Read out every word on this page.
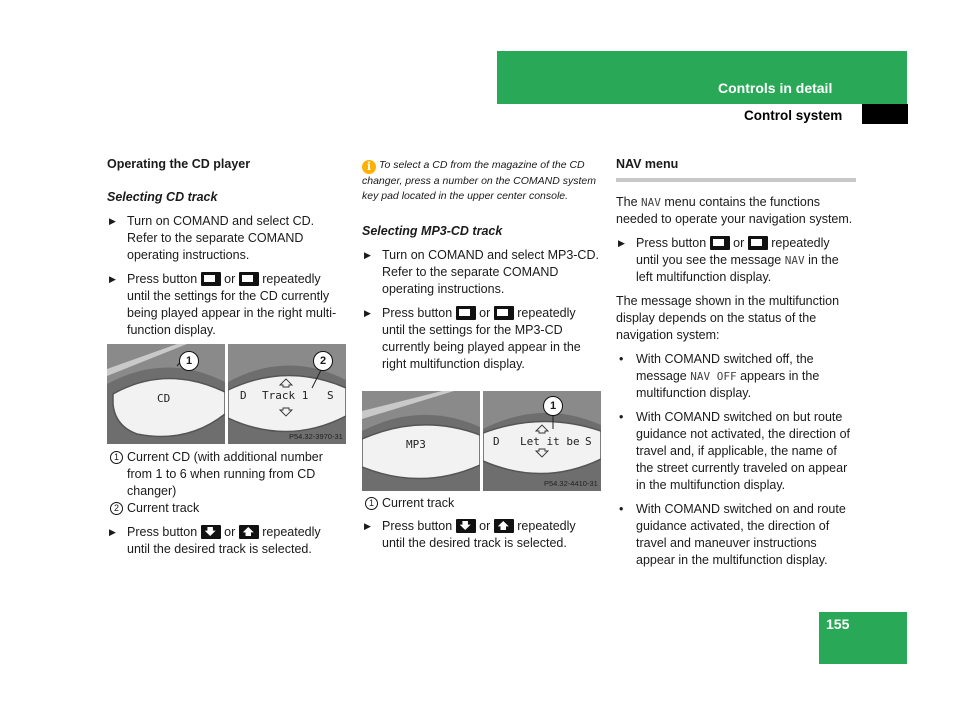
Controls in detail
Control system

Operating the CD player

Selecting CD track

▶ Turn on COMAND and select CD. Refer to the separate COMAND operating instructions.

▶ Press button or repeatedly until the settings for the CD currently being played appear in the right multi-function display.

CD
1
D Track 1 S
2
P54.32-3970-31

1 Current CD (with additional number from 1 to 6 when running from CD changer)

2 Current track

▶ Press button or repeatedly until the desired track is selected.

i To select a CD from the magazine of the CD changer, press a number on the COMAND system key pad located in the upper center console.

Selecting MP3-CD track

▶ Turn on COMAND and select MP3-CD. Refer to the separate COMAND operating instructions.

▶ Press button or repeatedly until the settings for the MP3-CD currently being played appear in the right multifunction display.

MP3	D Let it be S
1
P54.32-4410-31

1 Current track

▶ Press button or repeatedly until the desired track is selected.

NAV menu

The NAV menu contains the functions needed to operate your navigation system.

▶ Press button or repeatedly until you see the message NAV in the left multifunction display.

The message shown in the multifunction display depends on the status of the navigation system:

• With COMAND switched off, the message NAV OFF appears in the multifunction display.

• With COMAND switched on but route guidance not activated, the direction of travel and, if applicable, the name of the street currently traveled on appear in the multifunction display.

• With COMAND switched on and route guidance activated, the direction of travel and maneuver instructions appear in the multifunction display.

155
